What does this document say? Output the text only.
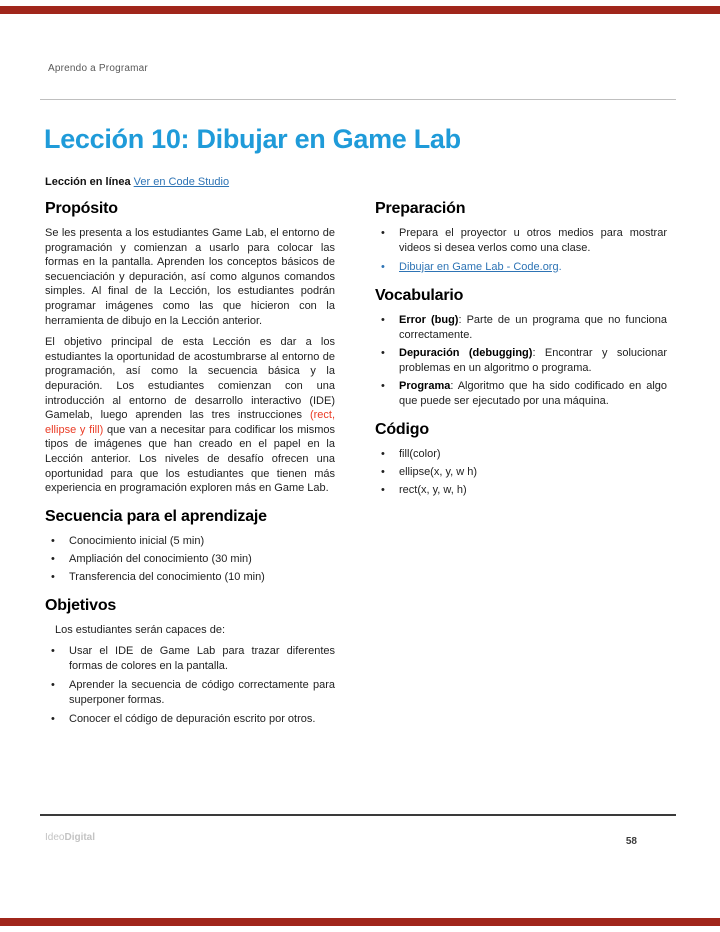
Aprendo a Programar
Lección 10: Dibujar en Game Lab
Lección en línea Ver en Code Studio
Propósito

Se les presenta a los estudiantes Game Lab, el entorno de programación y comienzan a usarlo para colocar las formas en la pantalla. Aprenden los conceptos básicos de secuenciación y depuración, así como algunos comandos simples. Al final de la Lección, los estudiantes podrán programar imágenes como las que hicieron con la herramienta de dibujo en la Lección anterior.

El objetivo principal de esta Lección es dar a los estudiantes la oportunidad de acostumbrarse al entorno de programación, así como la secuencia básica y la depuración. Los estudiantes comienzan con una introducción al entorno de desarrollo interactivo (IDE) Gamelab, luego aprenden las tres instrucciones (rect, ellipse y fill) que van a necesitar para codificar los mismos tipos de imágenes que han creado en el papel en la Lección anterior. Los niveles de desafío ofrecen una oportunidad para que los estudiantes que tienen más experiencia en programación exploren más en Game Lab.

Secuencia para el aprendizaje
• Conocimiento inicial (5 min)
• Ampliación del conocimiento (30 min)
• Transferencia del conocimiento (10 min)
Objetivos
Los estudiantes serán capaces de:
• Usar el IDE de Game Lab para trazar diferentes formas de colores en la pantalla.
• Aprender la secuencia de código correctamente para superponer formas.
• Conocer el código de depuración escrito por otros.
Preparación
• Prepara el proyector u otros medios para mostrar videos si desea verlos como una clase.
• Dibujar en Game Lab - Code.org.
Vocabulario
• Error (bug): Parte de un programa que no funciona correctamente.
• Depuración (debugging): Encontrar y solucionar problemas en un algoritmo o programa.
• Programa: Algoritmo que ha sido codificado en algo que puede ser ejecutado por una máquina.
Código
• fill(color)
• ellipse(x, y, w h)
• rect(x, y, w, h)
IdeoDigital	58
